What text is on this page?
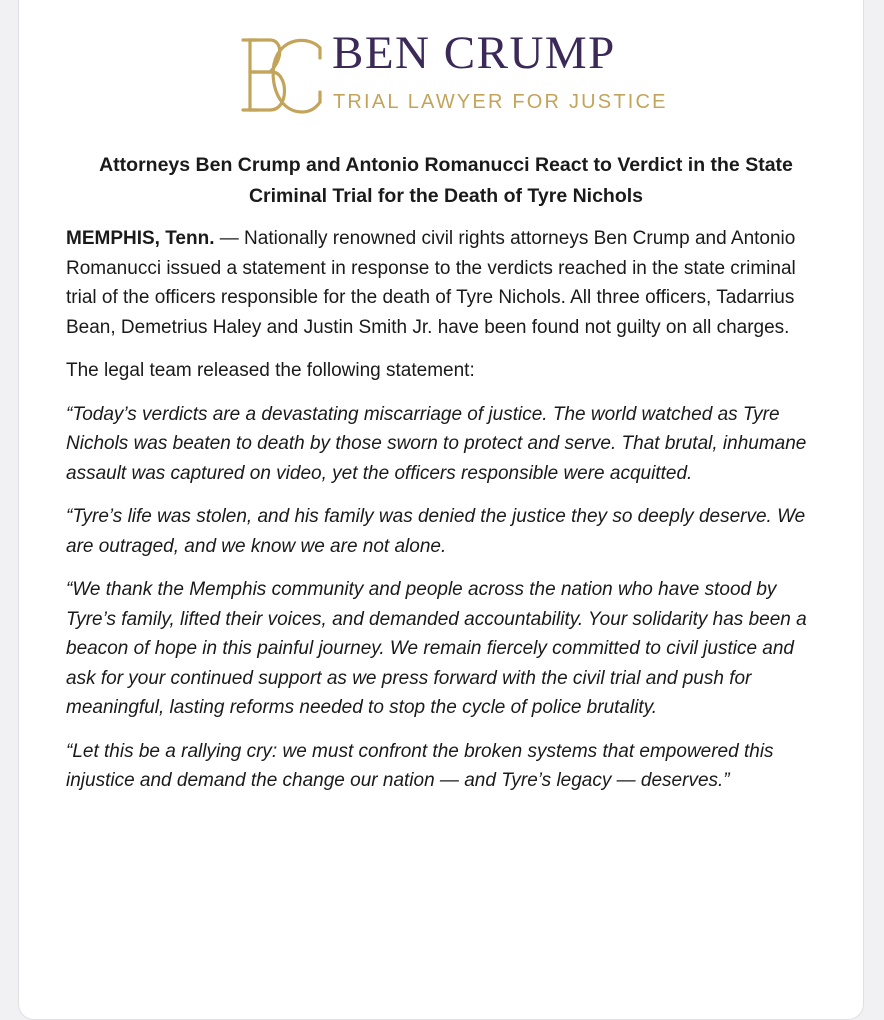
BEN CRUMP
TRIAL LAWYER FOR JUSTICE
Attorneys Ben Crump and Antonio Romanucci React to Verdict in the State Criminal Trial for the Death of Tyre Nichols

MEMPHIS, Tenn. — Nationally renowned civil rights attorneys Ben Crump and Antonio Romanucci issued a statement in response to the verdicts reached in the state criminal trial of the officers responsible for the death of Tyre Nichols. All three officers, Tadarrius Bean, Demetrius Haley and Justin Smith Jr. have been found not guilty on all charges.

The legal team released the following statement:

“Today’s verdicts are a devastating miscarriage of justice. The world watched as Tyre Nichols was beaten to death by those sworn to protect and serve. That brutal, inhumane assault was captured on video, yet the officers responsible were acquitted.

“Tyre’s life was stolen, and his family was denied the justice they so deeply deserve. We are outraged, and we know we are not alone.

“We thank the Memphis community and people across the nation who have stood by Tyre’s family, lifted their voices, and demanded accountability. Your solidarity has been a beacon of hope in this painful journey. We remain fiercely committed to civil justice and ask for your continued support as we press forward with the civil trial and push for meaningful, lasting reforms needed to stop the cycle of police brutality.

“Let this be a rallying cry: we must confront the broken systems that empowered this injustice and demand the change our nation — and Tyre’s legacy — deserves.”
